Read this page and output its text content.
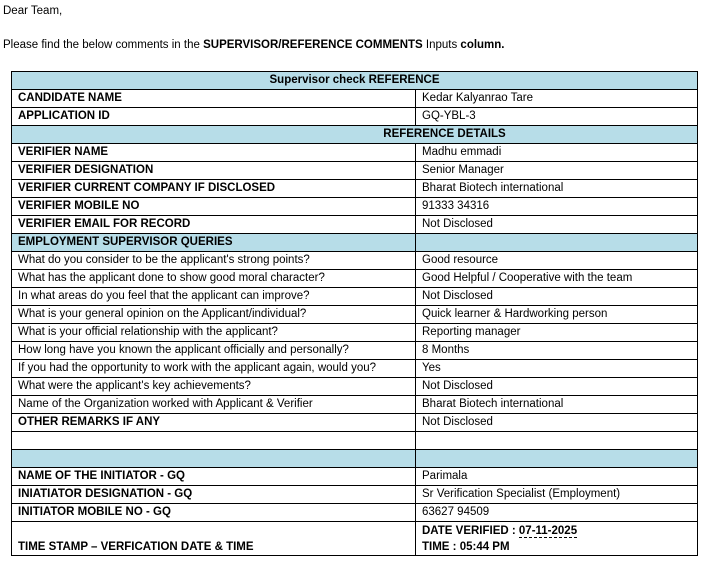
Dear Team,
Please find the below comments in the SUPERVISOR/REFERENCE COMMENTS Inputs column.
Supervisor check REFERENCE	
CANDIDATE NAME	Kedar Kalyanrao Tare
APPLICATION ID	GQ-YBL-3
REFERENCE DETAILS	
VERIFIER NAME	Madhu emmadi
VERIFIER DESIGNATION	Senior Manager
VERIFIER CURRENT COMPANY IF DISCLOSED	Bharat Biotech international
VERIFIER MOBILE NO	91333 34316
VERIFIER EMAIL FOR RECORD	Not Disclosed
EMPLOYMENT SUPERVISOR QUERIES	
What do you consider to be the applicant's strong points?	Good resource
What has the applicant done to show good moral character?	Good Helpful / Cooperative with the team
In what areas do you feel that the applicant can improve?	Not Disclosed
What is your general opinion on the Applicant/individual?	Quick learner & Hardworking person
What is your official relationship with the applicant?	Reporting manager
How long have you known the applicant officially and personally?	8 Months
If you had the opportunity to work with the applicant again, would you?	Yes
What were the applicant's key achievements?	Not Disclosed
Name of the Organization worked with Applicant & Verifier	Bharat Biotech international
OTHER REMARKS IF ANY	Not Disclosed

NAME OF THE INITIATOR - GQ	Parimala
INIATIATOR DESIGNATION - GQ	Sr Verification Specialist (Employment)
INITIATOR MOBILE NO - GQ	63627 94509
TIME STAMP – VERFICATION DATE & TIME	DATE VERIFIED : 07-11-2025
TIME : 05:44 PM
